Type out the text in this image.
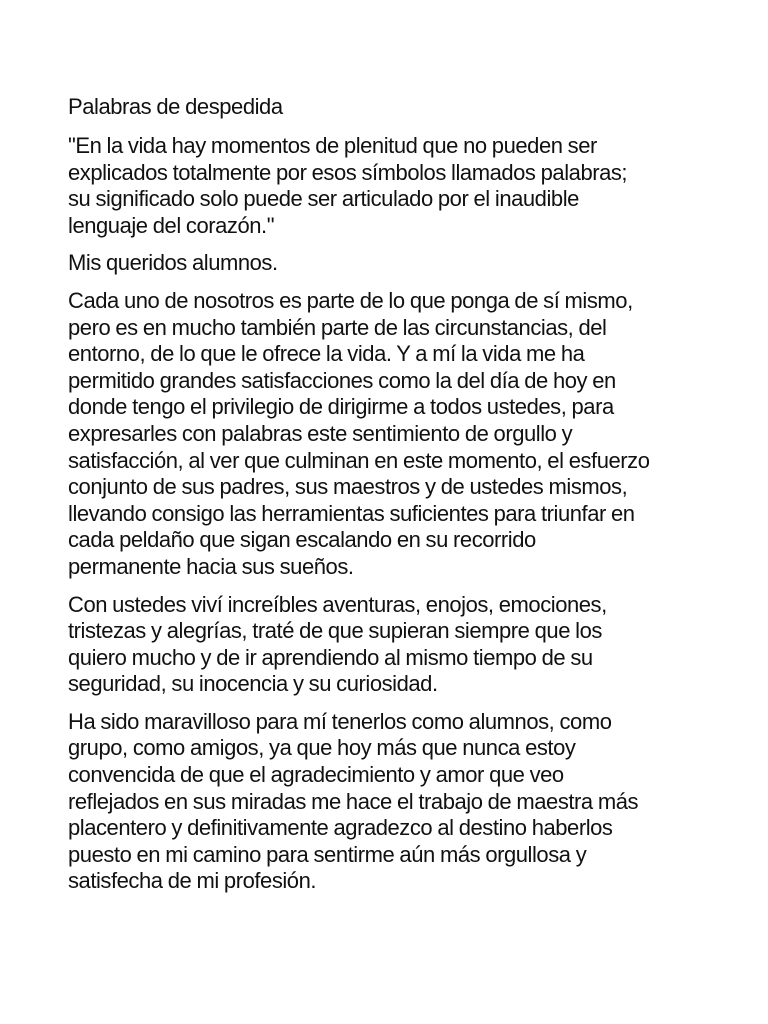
Palabras de despedida

"En la vida hay momentos de plenitud que no pueden ser
explicados totalmente por esos símbolos llamados palabras;
su significado solo puede ser articulado por el inaudible
lenguaje del corazón."

Mis queridos alumnos.

Cada uno de nosotros es parte de lo que ponga de sí mismo,
pero es en mucho también parte de las circunstancias, del
entorno, de lo que le ofrece la vida. Y a mí la vida me ha
permitido grandes satisfacciones como la del día de hoy en
donde tengo el privilegio de dirigirme a todos ustedes, para
expresarles con palabras este sentimiento de orgullo y
satisfacción, al ver que culminan en este momento, el esfuerzo
conjunto de sus padres, sus maestros y de ustedes mismos,
llevando consigo las herramientas suficientes para triunfar en
cada peldaño que sigan escalando en su recorrido
permanente hacia sus sueños.

Con ustedes viví increíbles aventuras, enojos, emociones,
tristezas y alegrías, traté de que supieran siempre que los
quiero mucho y de ir aprendiendo al mismo tiempo de su
seguridad, su inocencia y su curiosidad.

Ha sido maravilloso para mí tenerlos como alumnos, como
grupo, como amigos, ya que hoy más que nunca estoy
convencida de que el agradecimiento y amor que veo
reflejados en sus miradas me hace el trabajo de maestra más
placentero y definitivamente agradezco al destino haberlos
puesto en mi camino para sentirme aún más orgullosa y
satisfecha de mi profesión.
